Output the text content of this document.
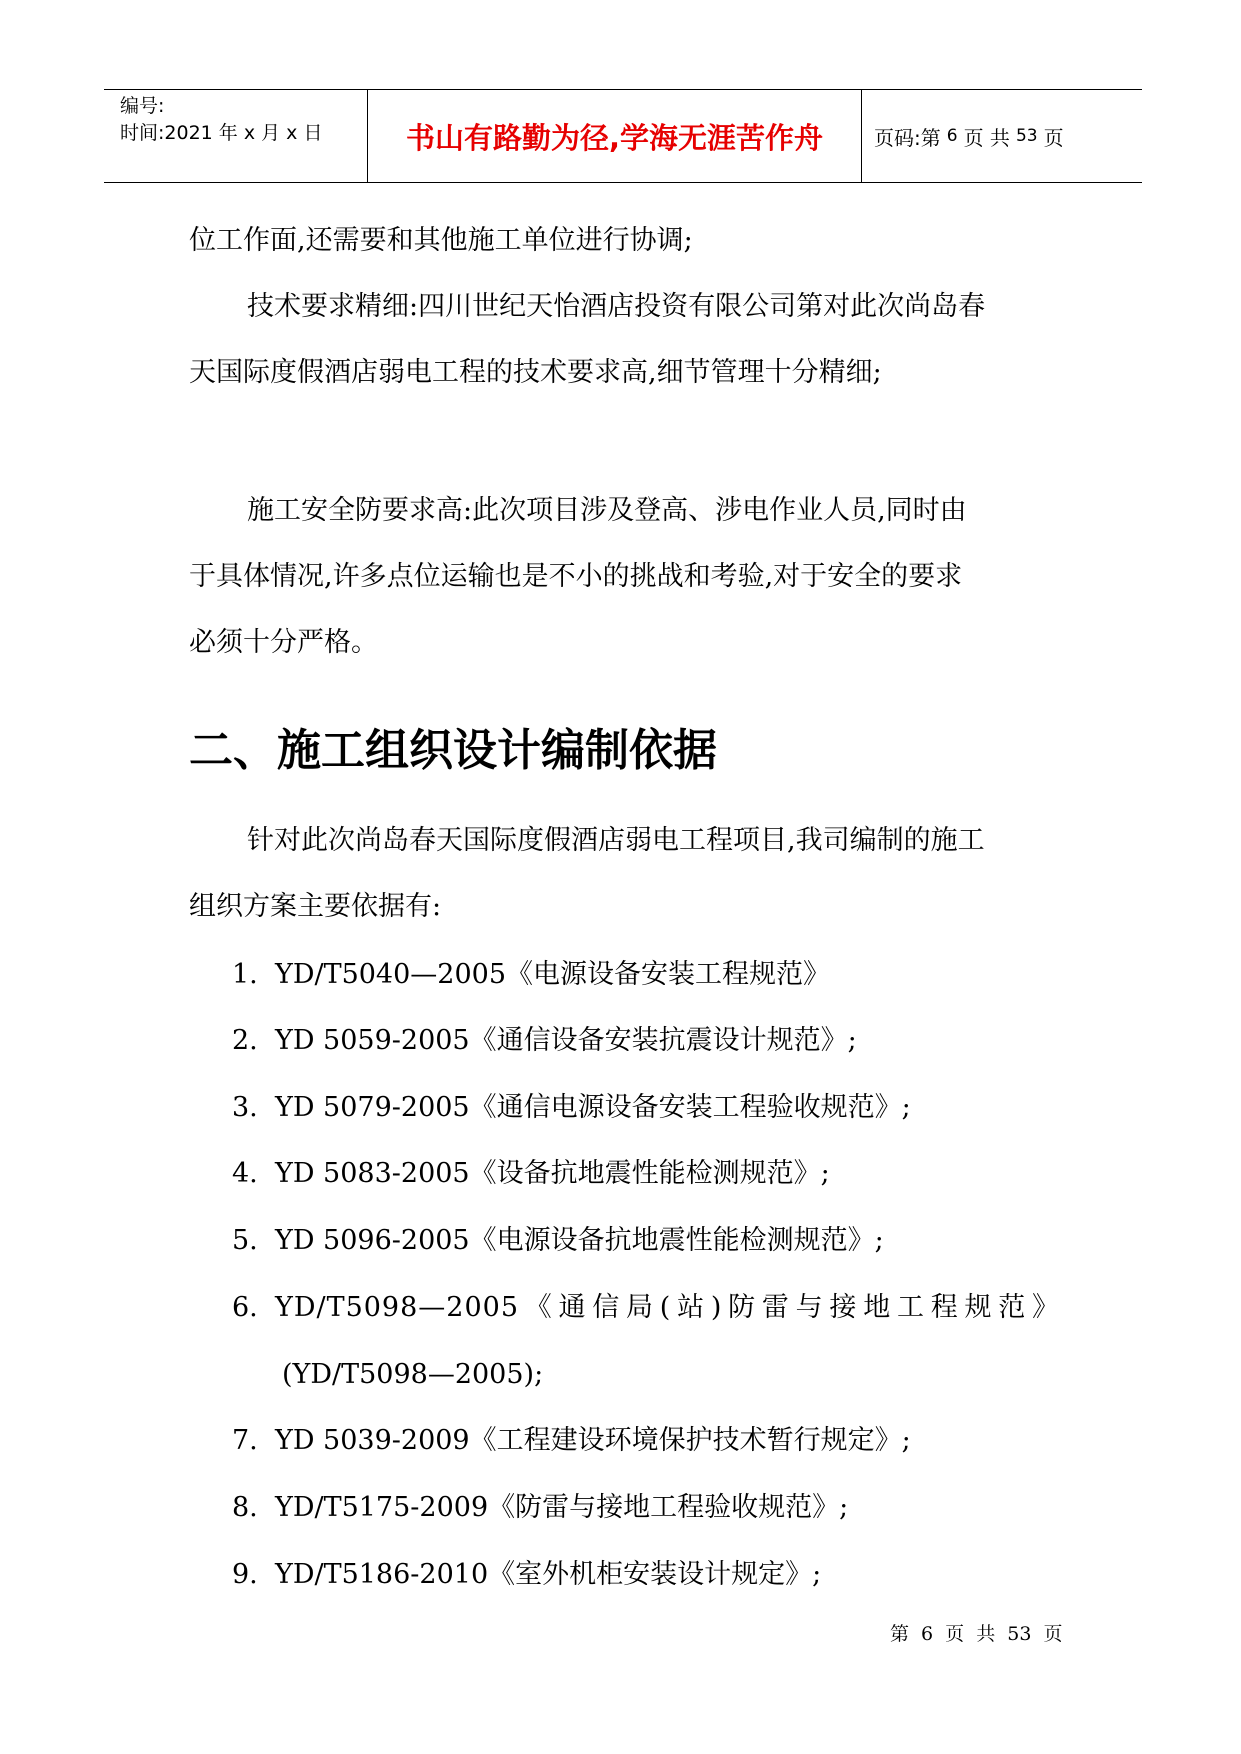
编号:
时间:2021 年 x 月 x 日	书山有路勤为径,学海无涯苦作舟	页码:第 6 页 共 53 页
位工作面,还需要和其他施工单位进行协调;
技术要求精细:四川世纪天怡酒店投资有限公司第对此次尚岛春
天国际度假酒店弱电工程的技术要求高,细节管理十分精细;
施工安全防要求高:此次项目涉及登高、涉电作业人员,同时由
于具体情况,许多点位运输也是不小的挑战和考验,对于安全的要求
必须十分严格。
二、施工组织设计编制依据
针对此次尚岛春天国际度假酒店弱电工程项目,我司编制的施工
组织方案主要依据有:
1. YD/T5040—2005《电源设备安装工程规范》
2. YD 5059-2005《通信设备安装抗震设计规范》;
3. YD 5079-2005《通信电源设备安装工程验收规范》;
4. YD 5083-2005《设备抗地震性能检测规范》;
5. YD 5096-2005《电源设备抗地震性能检测规范》;
6. YD/T5098—2005《通信局(站)防雷与接地工程规范》
(YD/T5098—2005);
7. YD 5039-2009《工程建设环境保护技术暂行规定》;
8. YD/T5175-2009《防雷与接地工程验收规范》;
9. YD/T5186-2010《室外机柜安装设计规定》;
第 6 页 共 53 页
